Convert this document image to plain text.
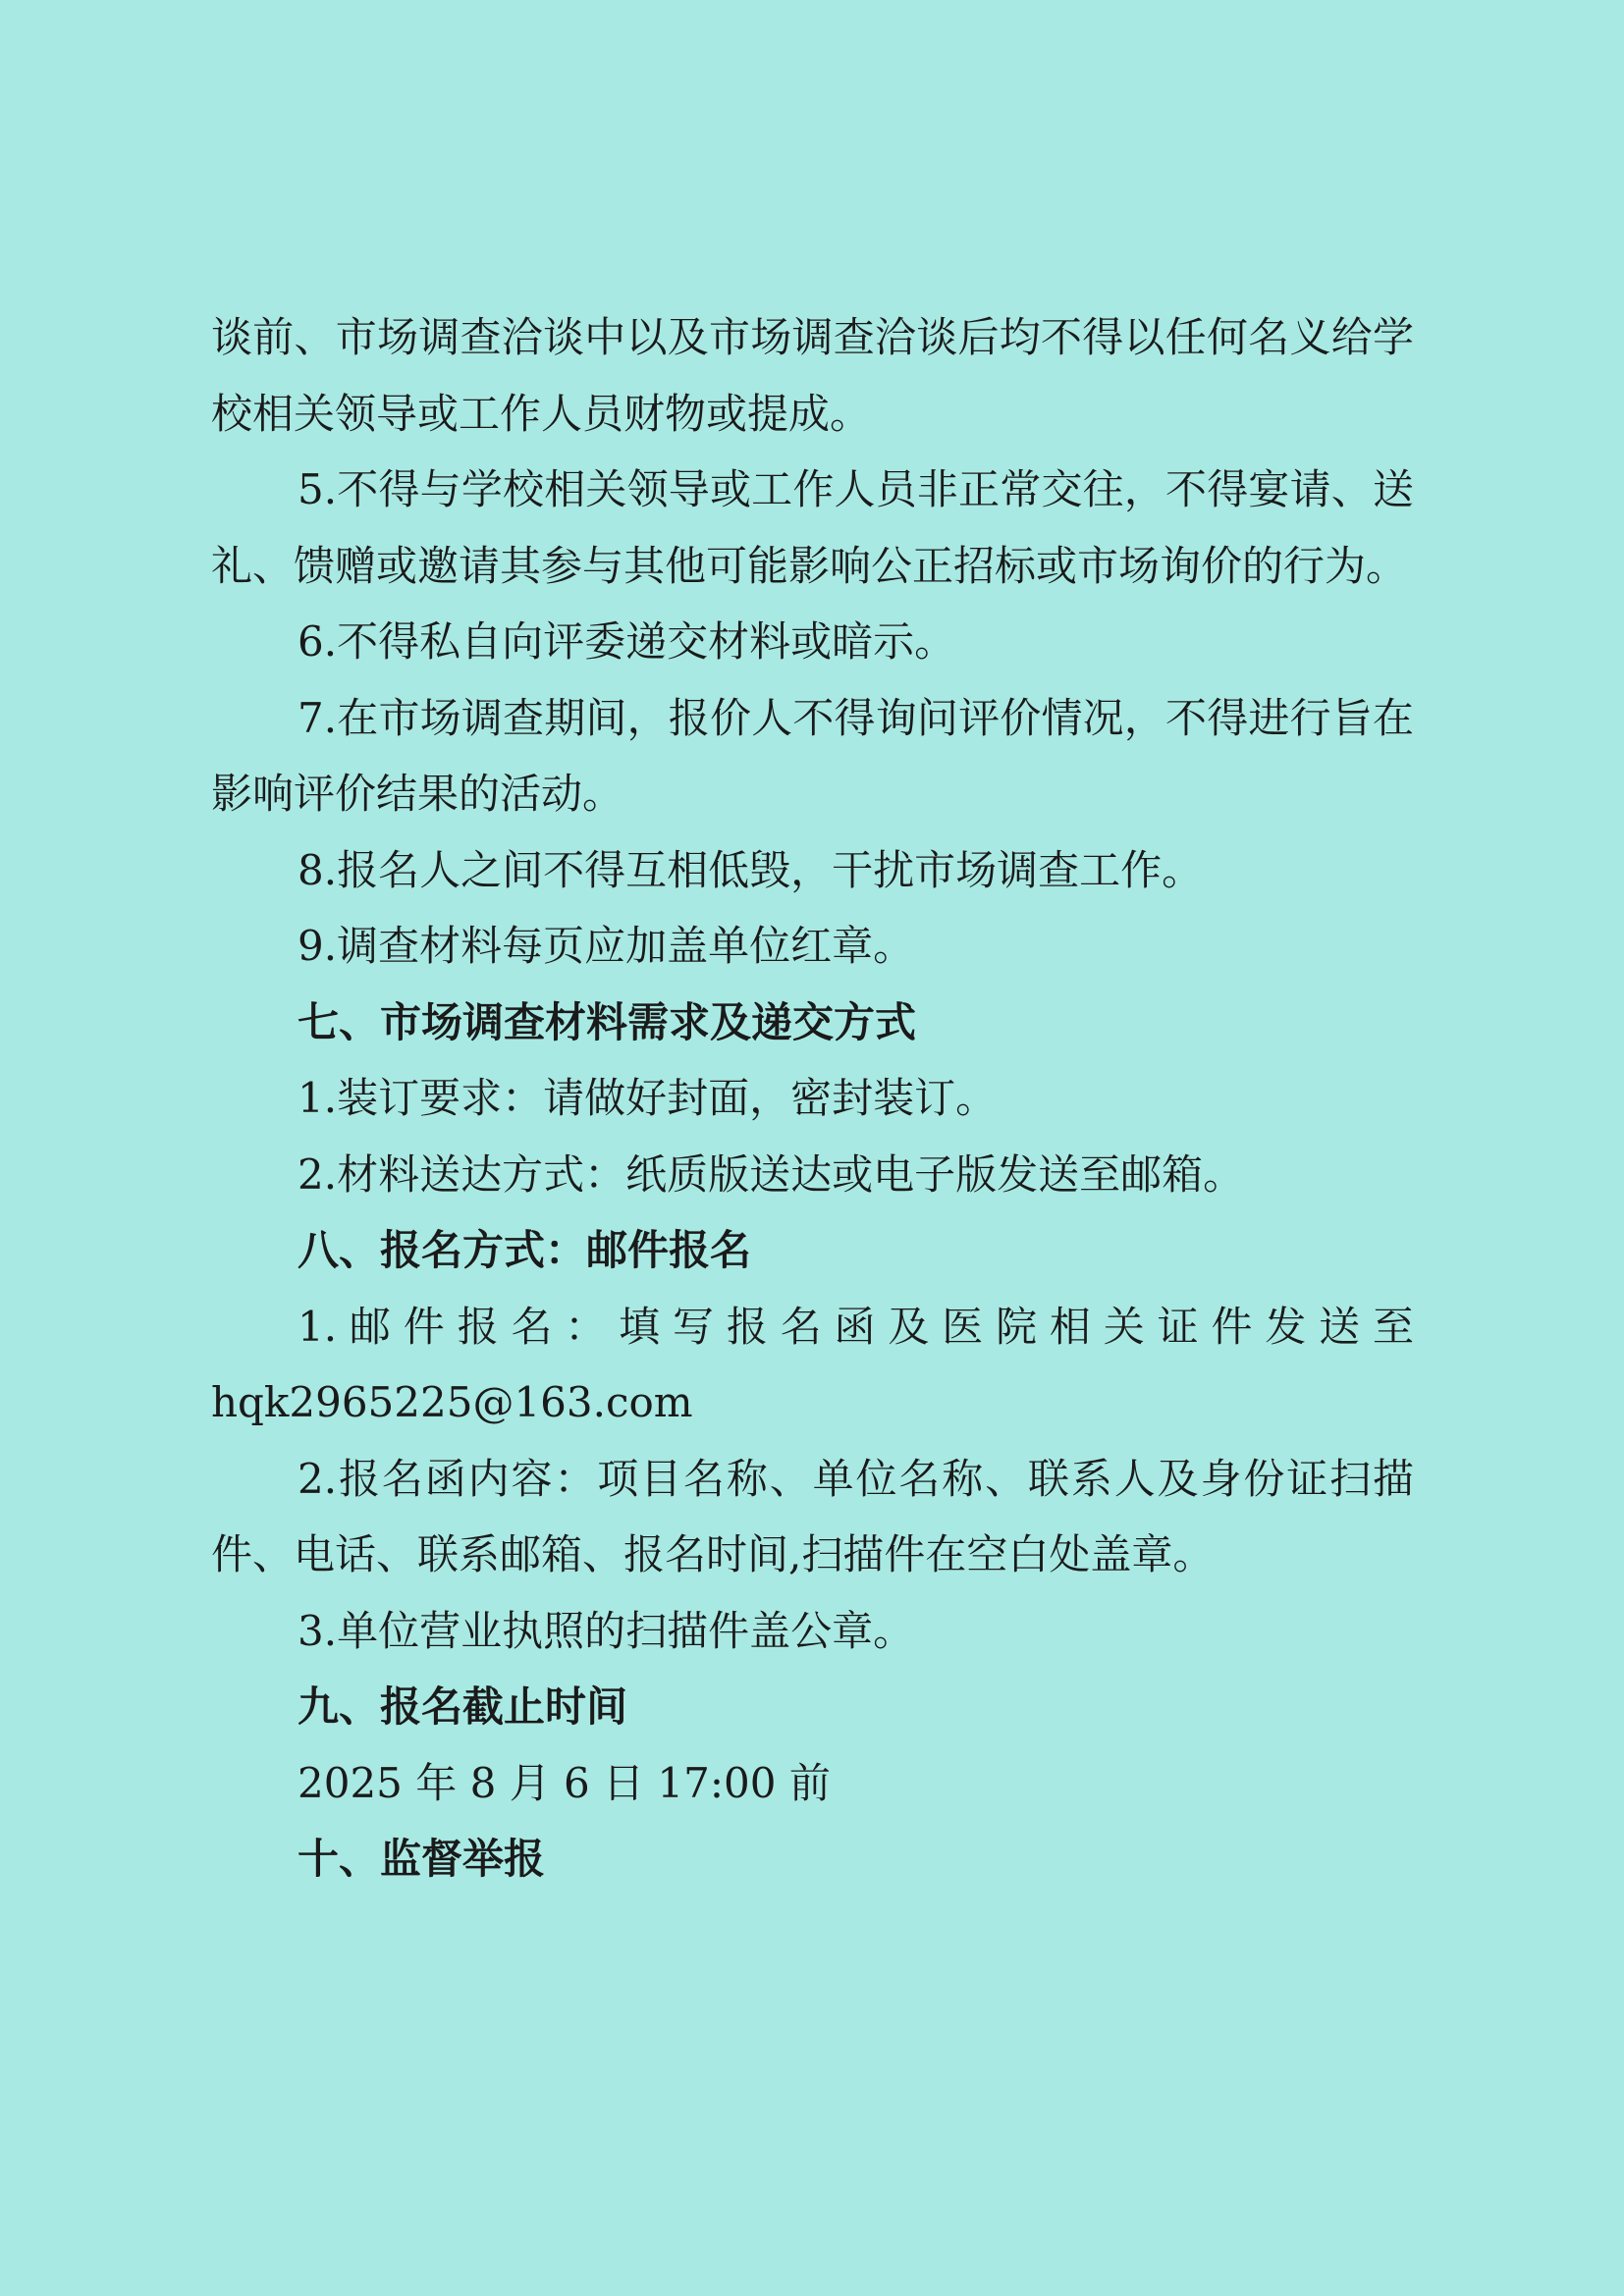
谈前、市场调查洽谈中以及市场调查洽谈后均不得以任何名义给学校相关领导或工作人员财物或提成。

5.不得与学校相关领导或工作人员非正常交往，不得宴请、送礼、馈赠或邀请其参与其他可能影响公正招标或市场询价的行为。

6.不得私自向评委递交材料或暗示。

7.在市场调查期间，报价人不得询问评价情况，不得进行旨在影响评价结果的活动。

8.报名人之间不得互相低毁，干扰市场调查工作。

9.调查材料每页应加盖单位红章。

七、市场调查材料需求及递交方式

1.装订要求：请做好封面，密封装订。

2.材料送达方式：纸质版送达或电子版发送至邮箱。

八、报名方式：邮件报名

1.邮件报名：填写报名函及医院相关证件发送至

hqk2965225@163.com

2.报名函内容：项目名称、单位名称、联系人及身份证扫描件、电话、联系邮箱、报名时间,扫描件在空白处盖章。

3.单位营业执照的扫描件盖公章。

九、报名截止时间

2025 年 8 月 6 日 17:00 前

十、监督举报
